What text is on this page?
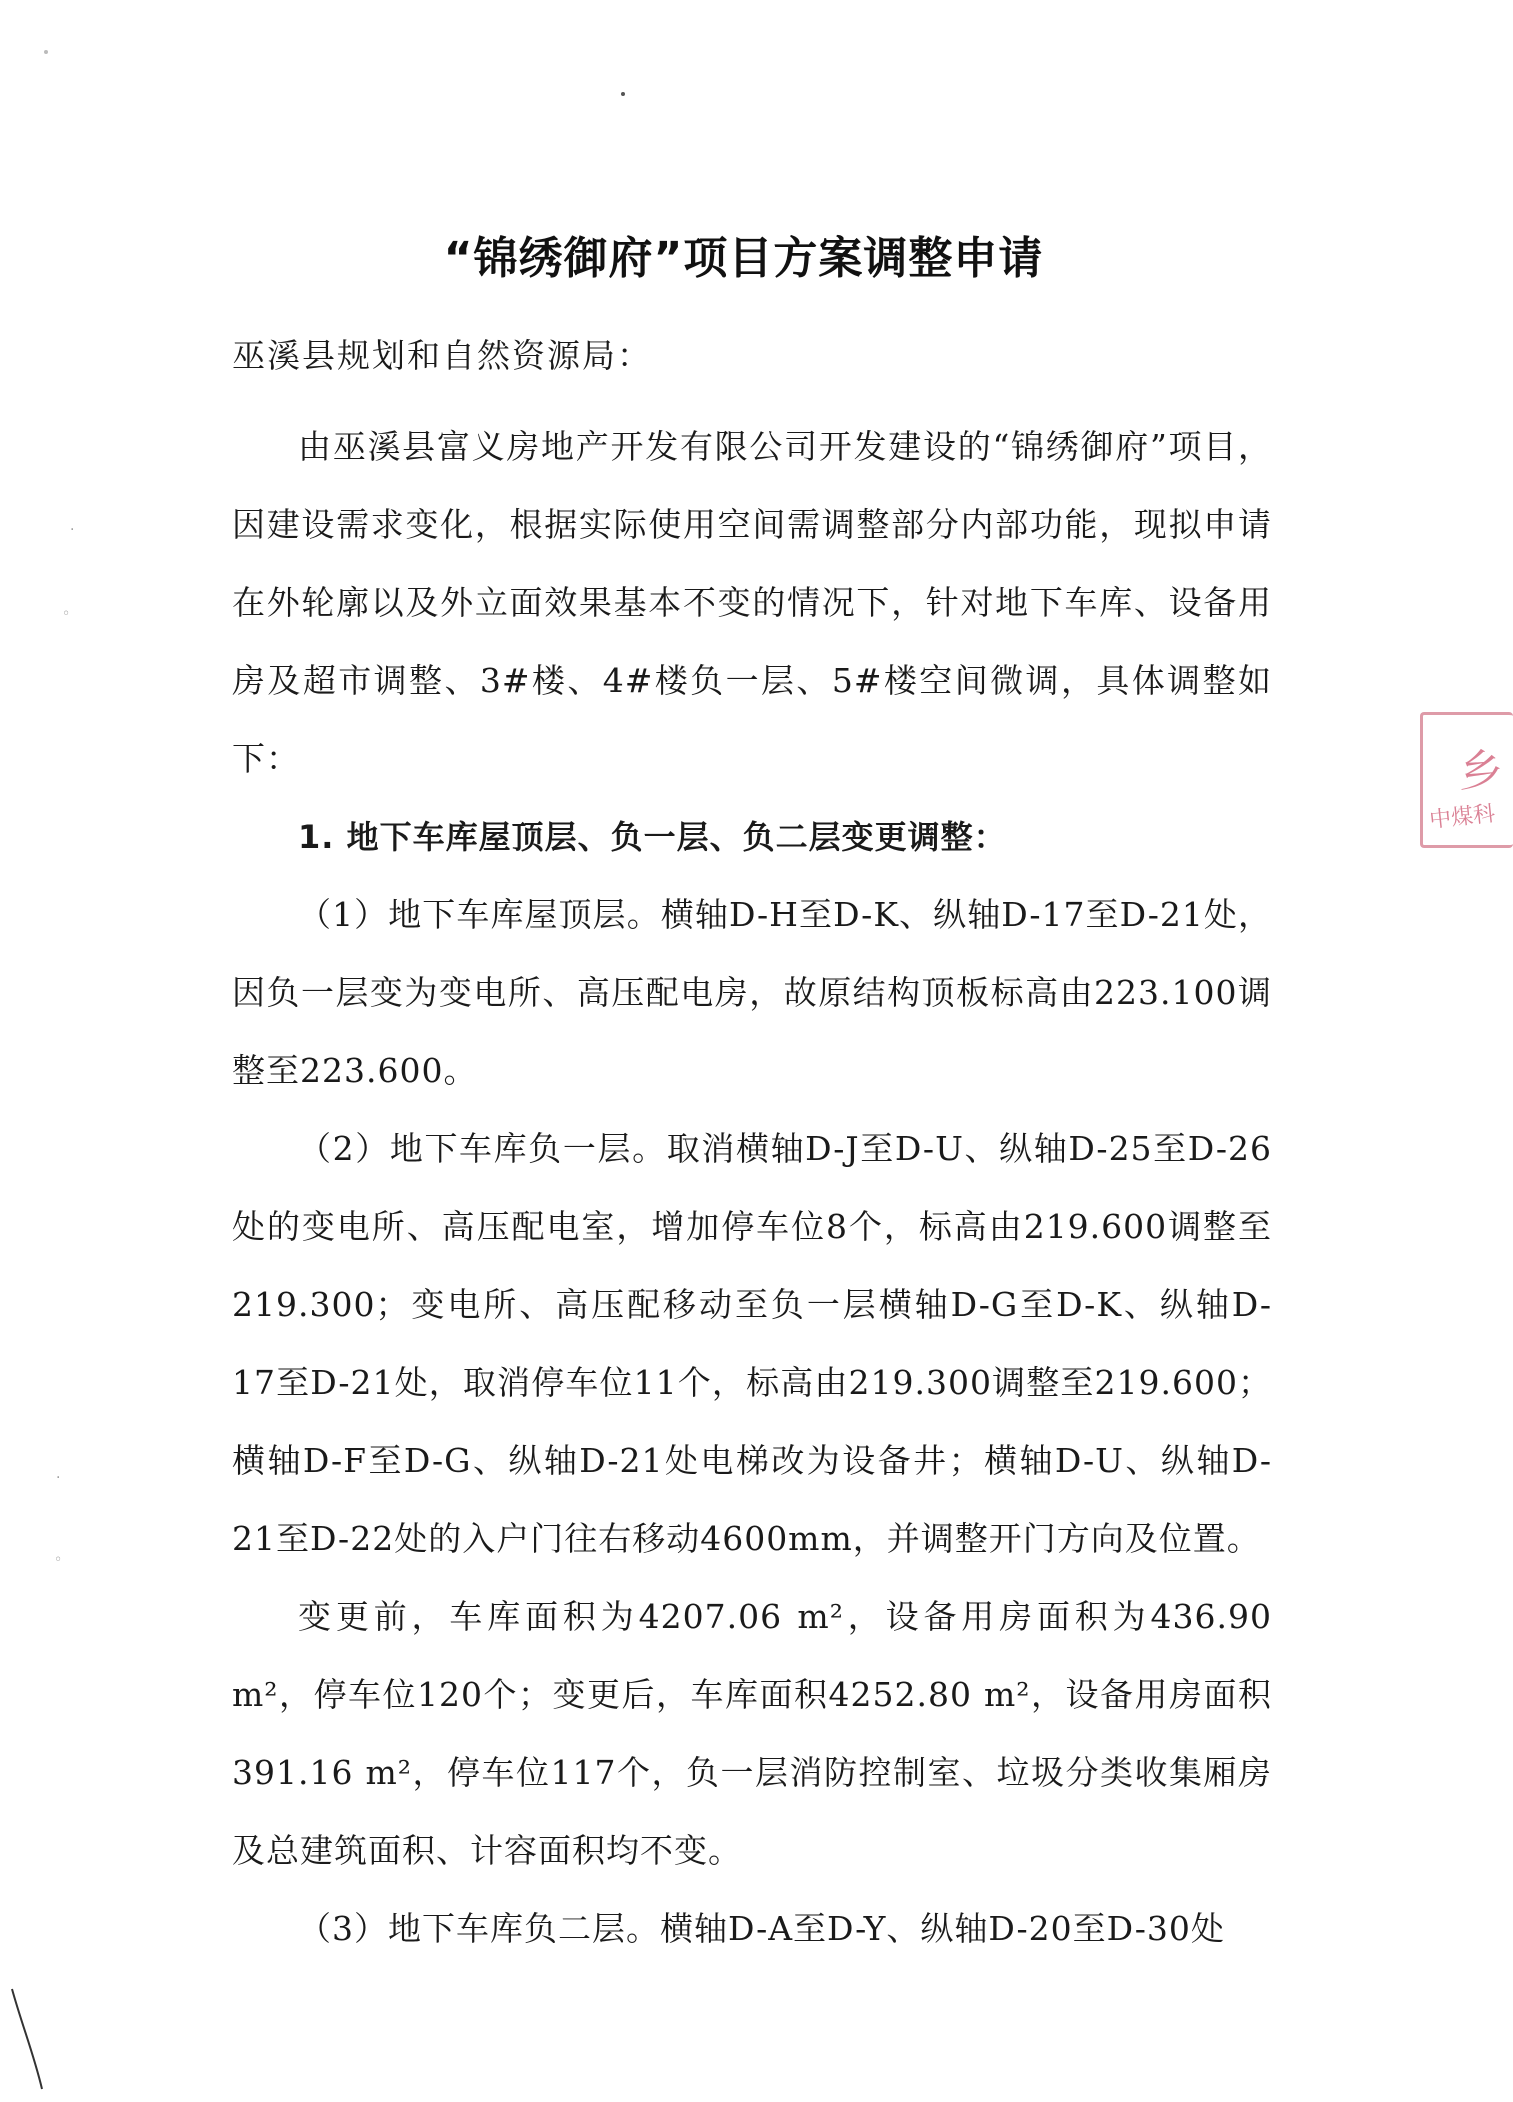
·
◦
·
◦
“锦绣御府”项目方案调整申请
巫溪县规划和自然资源局：

由巫溪县富义房地产开发有限公司开发建设的“锦绣御府”项目，因建设需求变化，根据实际使用空间需调整部分内部功能，现拟申请在外轮廓以及外立面效果基本不变的情况下，针对地下车库、设备用房及超市调整、3#楼、4#楼负一层、5#楼空间微调，具体调整如下：

1. 地下车库屋顶层、负一层、负二层变更调整：

（1）地下车库屋顶层。横轴D-H至D-K、纵轴D-17至D-21处，因负一层变为变电所、高压配电房，故原结构顶板标高由223.100调整至223.600。

（2）地下车库负一层。取消横轴D-J至D-U、纵轴D-25至D-26处的变电所、高压配电室，增加停车位8个，标高由219.600调整至219.300；变电所、高压配移动至负一层横轴D-G至D-K、纵轴D-17至D-21处，取消停车位11个，标高由219.300调整至219.600；横轴D-F至D-G、纵轴D-21处电梯改为设备井；横轴D-U、纵轴D-21至D-22处的入户门往右移动4600mm，并调整开门方向及位置。

变更前，车库面积为4207.06 m²，设备用房面积为436.90 m²，停车位120个；变更后，车库面积4252.80 m²，设备用房面积391.16 m²，停车位117个，负一层消防控制室、垃圾分类收集厢房及总建筑面积、计容面积均不变。

（3）地下车库负二层。横轴D-A至D-Y、纵轴D-20至D-30处

乡
中煤科
